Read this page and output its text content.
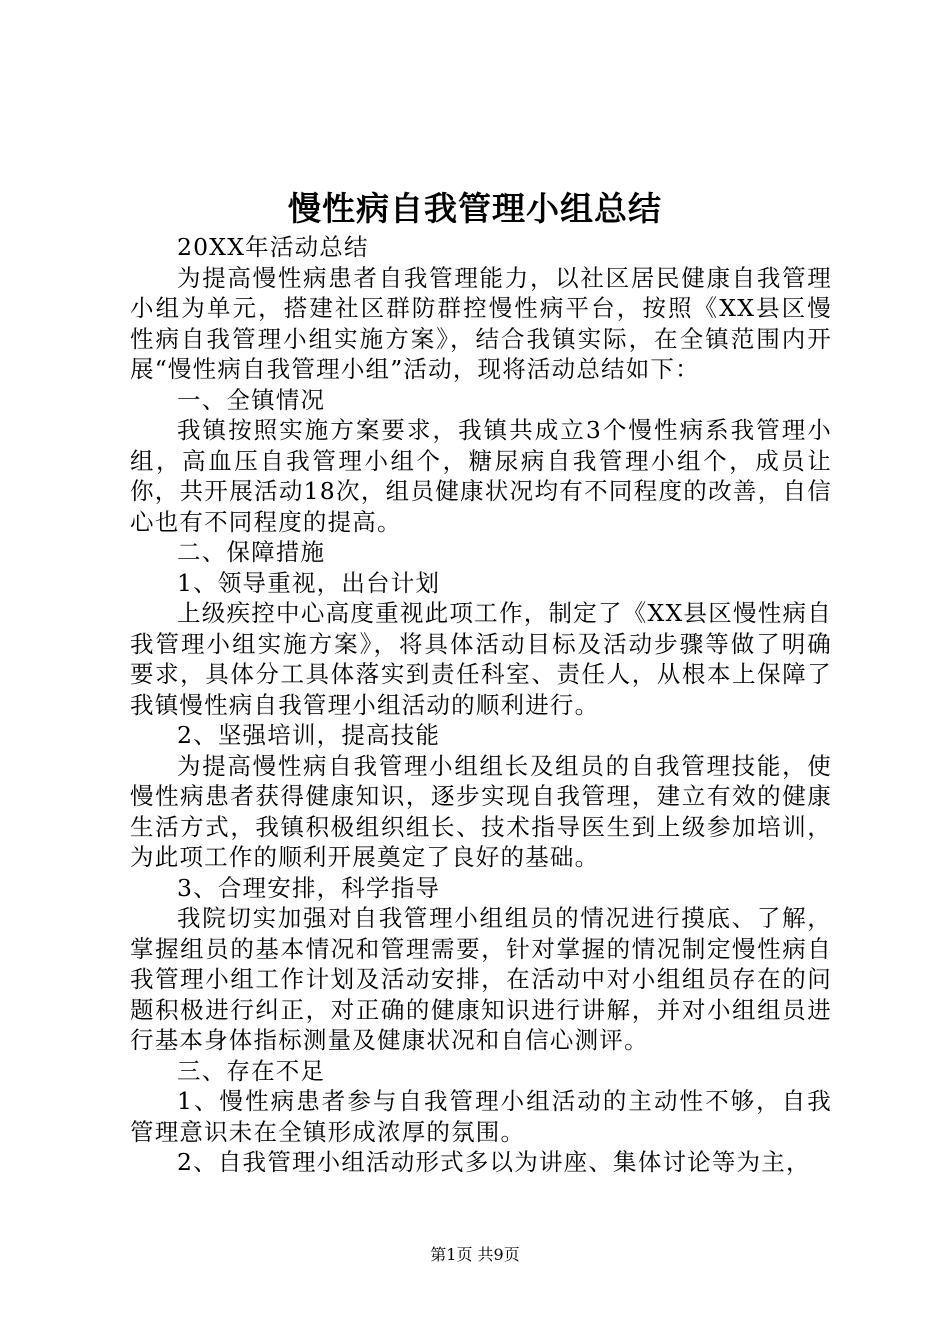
慢性病自我管理小组总结

20XX年活动总结

为提高慢性病患者自我管理能力，以社区居民健康自我管理小组为单元，搭建社区群防群控慢性病平台，按照《XX县区慢性病自我管理小组实施方案》，结合我镇实际，在全镇范围内开展“慢性病自我管理小组”活动，现将活动总结如下：

一、全镇情况

我镇按照实施方案要求，我镇共成立3个慢性病系我管理小组，高血压自我管理小组个，糖尿病自我管理小组个，成员让你，共开展活动18次，组员健康状况均有不同程度的改善，自信心也有不同程度的提高。

二、保障措施

1、领导重视，出台计划

上级疾控中心高度重视此项工作，制定了《XX县区慢性病自我管理小组实施方案》，将具体活动目标及活动步骤等做了明确要求，具体分工具体落实到责任科室、责任人，从根本上保障了我镇慢性病自我管理小组活动的顺利进行。

2、坚强培训，提高技能

为提高慢性病自我管理小组组长及组员的自我管理技能，使慢性病患者获得健康知识，逐步实现自我管理，建立有效的健康生活方式，我镇积极组织组长、技术指导医生到上级参加培训，为此项工作的顺利开展奠定了良好的基础。

3、合理安排，科学指导

我院切实加强对自我管理小组组员的情况进行摸底、了解，掌握组员的基本情况和管理需要，针对掌握的情况制定慢性病自我管理小组工作计划及活动安排，在活动中对小组组员存在的问题积极进行纠正，对正确的健康知识进行讲解，并对小组组员进行基本身体指标测量及健康状况和自信心测评。

三、存在不足

1、慢性病患者参与自我管理小组活动的主动性不够，自我管理意识未在全镇形成浓厚的氛围。

2、自我管理小组活动形式多以为讲座、集体讨论等为主，

第1页 共9页
